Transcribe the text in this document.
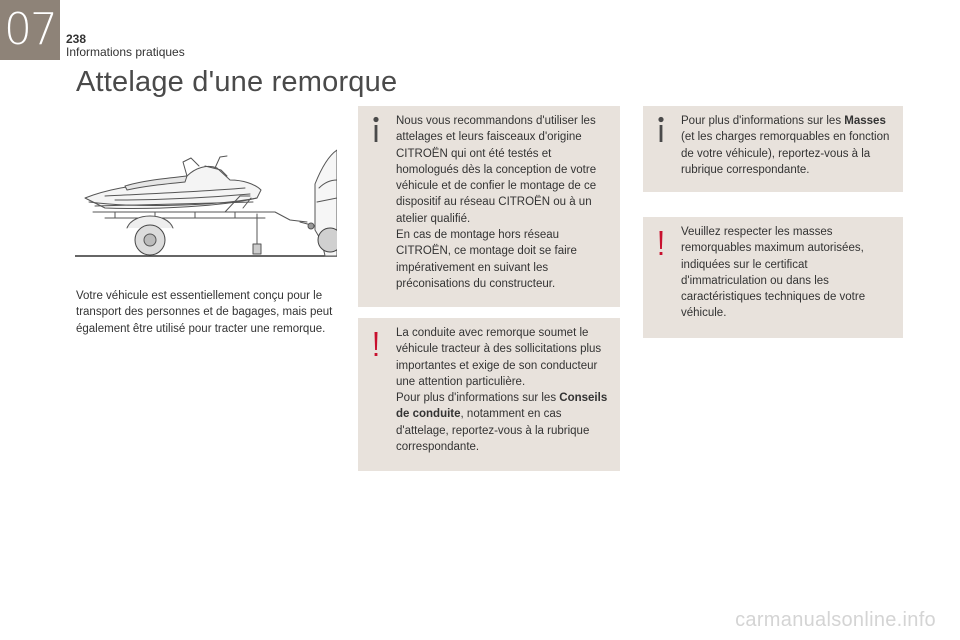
07 238
Informations pratiques
Attelage d'une remorque

Votre véhicule est essentiellement conçu pour le transport des personnes et de bagages, mais peut également être utilisé pour tracter une remorque.

Nous vous recommandons d'utiliser les attelages et leurs faisceaux d'origine CITROËN qui ont été testés et homologués dès la conception de votre véhicule et de confier le montage de ce dispositif au réseau CITROËN ou à un atelier qualifié.

En cas de montage hors réseau CITROËN, ce montage doit se faire impérativement en suivant les préconisations du constructeur.

La conduite avec remorque soumet le véhicule tracteur à des sollicitations plus importantes et exige de son conducteur une attention particulière.

Pour plus d'informations sur les Conseils de conduite, notamment en cas d'attelage, reportez-vous à la rubrique correspondante.

Pour plus d'informations sur les Masses (et les charges remorquables en fonction de votre véhicule), reportez-vous à la rubrique correspondante.

Veuillez respecter les masses remorquables maximum autorisées, indiquées sur le certificat d'immatriculation ou dans les caractéristiques techniques de votre véhicule.

carmanualsonline.info
